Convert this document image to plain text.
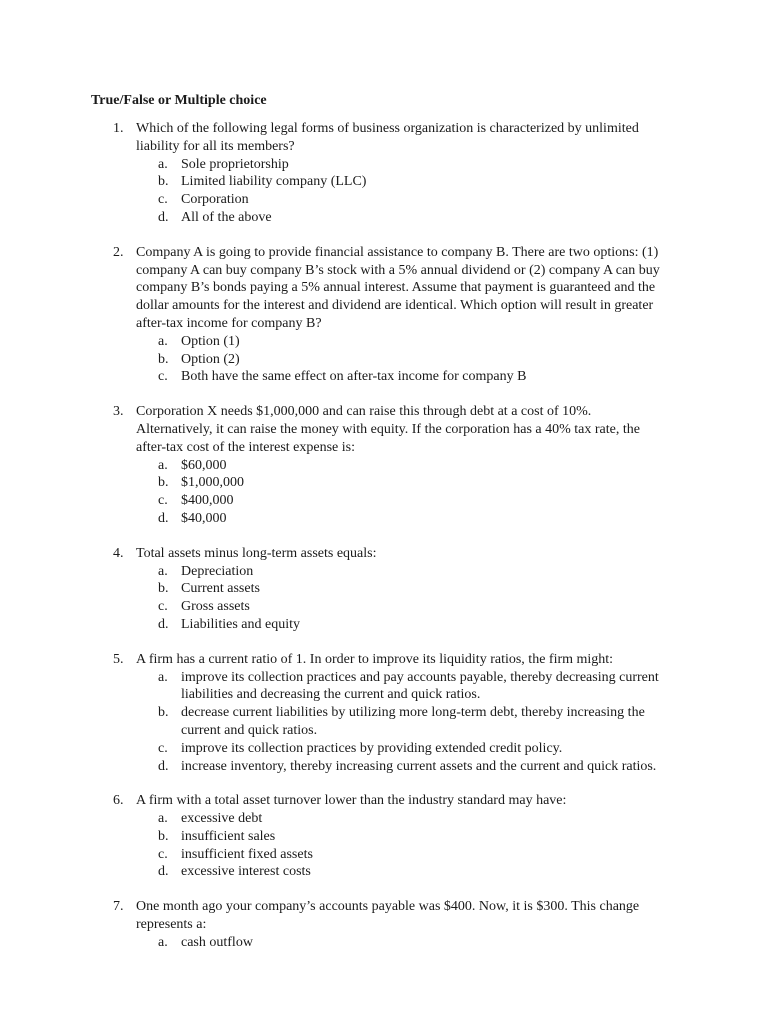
True/False or Multiple choice

1. Which of the following legal forms of business organization is characterized by unlimited liability for all its members?
a. Sole proprietorship
b. Limited liability company (LLC)
c. Corporation
d. All of the above
2. Company A is going to provide financial assistance to company B. There are two options: (1) company A can buy company B’s stock with a 5% annual dividend or (2) company A can buy company B’s bonds paying a 5% annual interest. Assume that payment is guaranteed and the dollar amounts for the interest and dividend are identical. Which option will result in greater after-tax income for company B?
a. Option (1)
b. Option (2)
c. Both have the same effect on after-tax income for company B
3. Corporation X needs $1,000,000 and can raise this through debt at a cost of 10%. Alternatively, it can raise the money with equity. If the corporation has a 40% tax rate, the after-tax cost of the interest expense is:
a. $60,000
b. $1,000,000
c. $400,000
d. $40,000
4. Total assets minus long-term assets equals:
a. Depreciation
b. Current assets
c. Gross assets
d. Liabilities and equity
5. A firm has a current ratio of 1. In order to improve its liquidity ratios, the firm might:
a. improve its collection practices and pay accounts payable, thereby decreasing current liabilities and decreasing the current and quick ratios.
b. decrease current liabilities by utilizing more long-term debt, thereby increasing the current and quick ratios.
c. improve its collection practices by providing extended credit policy.
d. increase inventory, thereby increasing current assets and the current and quick ratios.
6. A firm with a total asset turnover lower than the industry standard may have:
a. excessive debt
b. insufficient sales
c. insufficient fixed assets
d. excessive interest costs
7. One month ago your company’s accounts payable was $400. Now, it is $300. This change represents a:
a. cash outflow
